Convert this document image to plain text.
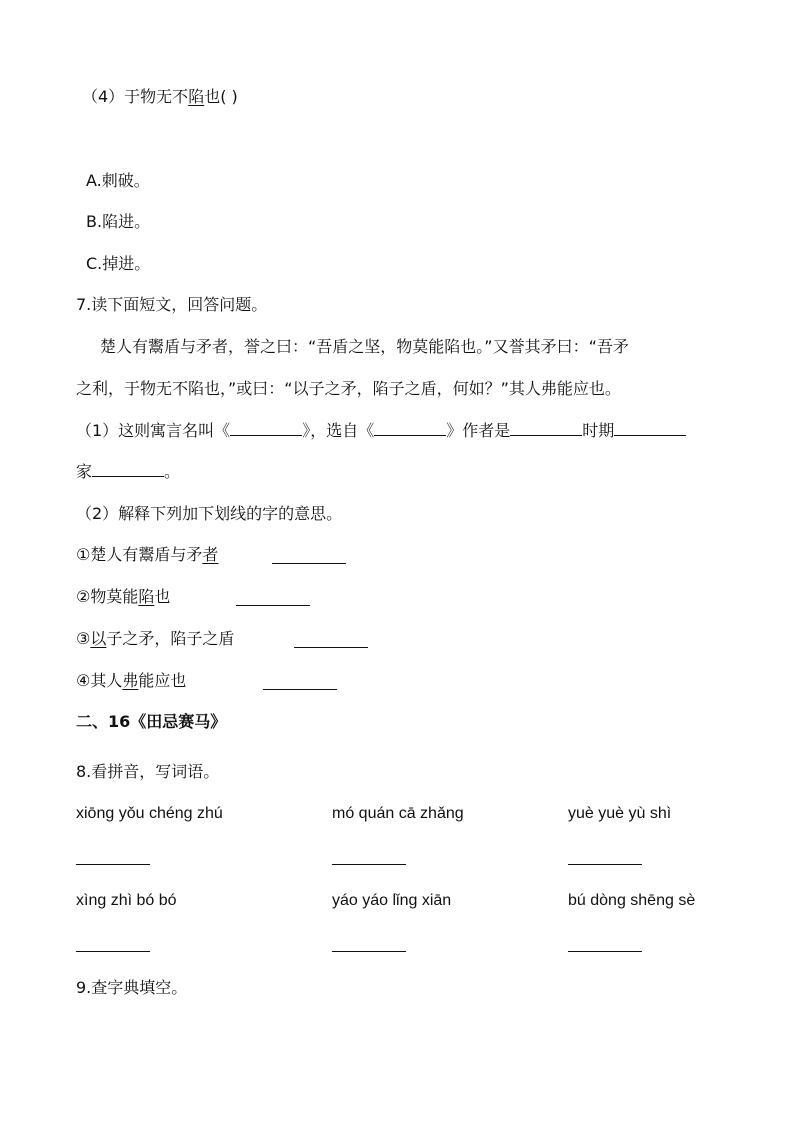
（4）于物无不陷也( )
A.刺破。
B.陷进。
C.掉进。
7.读下面短文，回答问题。
楚人有鬻盾与矛者，誉之曰：“吾盾之坚，物莫能陷也。”又誉其矛曰：“吾矛
之利，于物无不陷也，”或曰：“以子之矛，陷子之盾，何如？”其人弗能应也。
（1）这则寓言名叫《	》，选自《	》作者是	时期
家	。
（2）解释下列加下划线的字的意思。
①楚人有鬻盾与矛者
②物莫能陷也
③以子之矛，陷子之盾
④其人弗能应也
二、16《田忌赛马》
8.看拼音，写词语。
xiōng yǒu chéng zhú	mó quán cā zhǎng	yuè yuè yù shì
xìng zhì bó bó	yáo yáo lǐng xiān	bú dòng shēng sè
9.查字典填空。
